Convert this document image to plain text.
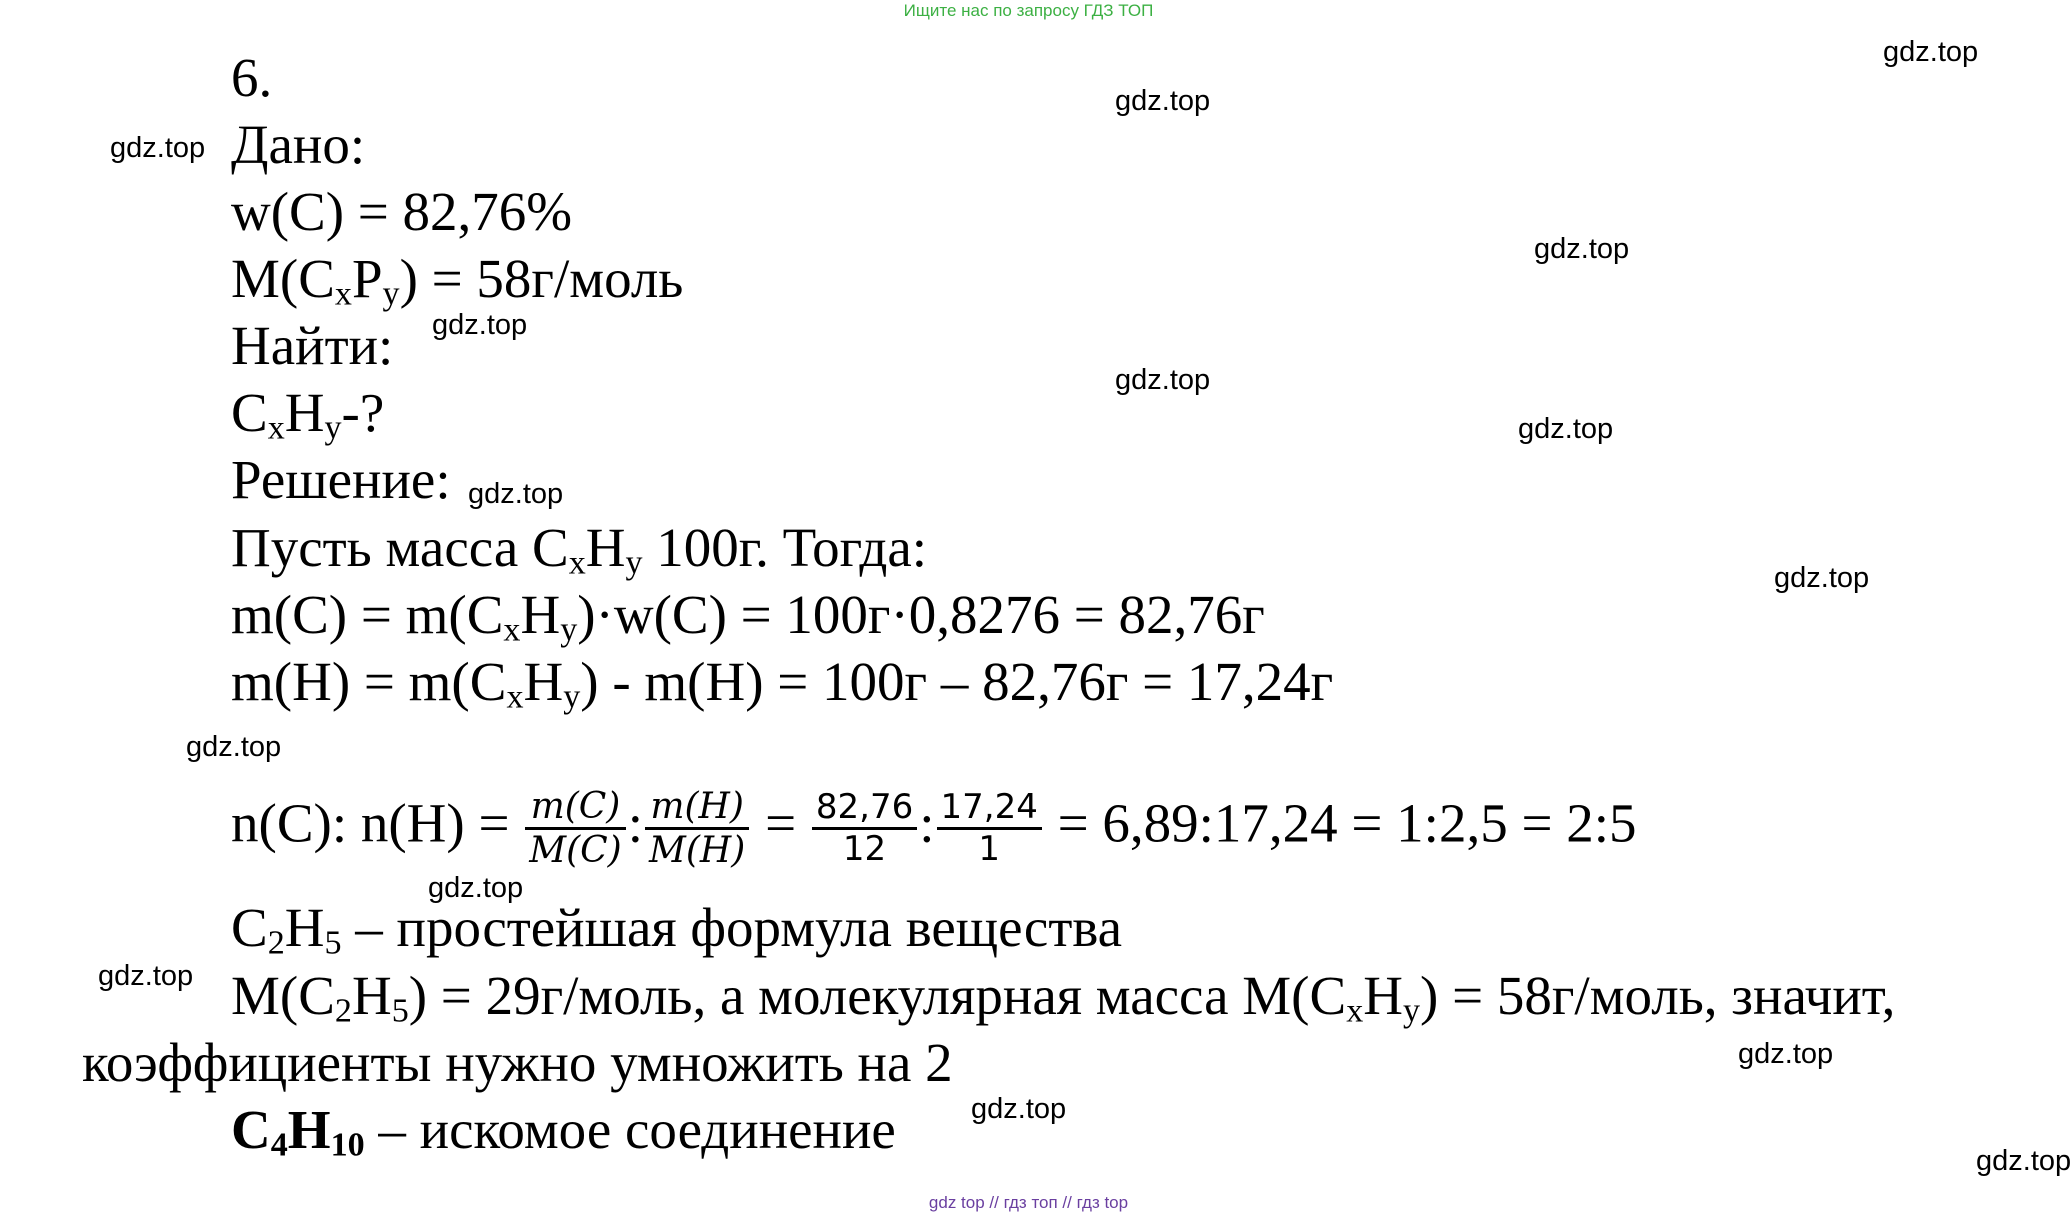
Ищите нас по запросу ГДЗ ТОП
6.
Дано:
w(C) = 82,76%
$M(C_xP_y)$ = 58г/моль
Найти:
$C_xH_y-$?
Решение:
Пусть масса $C_xH_y$ 100г. Тогда:
$m(C) = m(C_xH_y)\cdot w(C) = 100г\cdot 0,8276 = 82,76г$
$m(H) = m(C_xH_y) - m(H) = 100г - 82,76г = 17,24г$
n(C): $n(H) = \frac{m(C)}{M(C)}$ : $\frac{m(H)}{M(H)} = \frac{82,76}{12}$ : $\frac{17,24}{1}$ = 6,89:17,24 = 1:2,5 = 2:5
$C_2H_5$ – простейшая формула вещества
$M(C_2H_5)$ = 29г/моль, а молекулярная масса $M(C_xH_y)$ = 58г/моль, значит,
коэффициенты нужно умножить на 2
$C_4H_{10}$ – искомое соединение
gdz.top
gdz.top
gdz.top
gdz.top
gdz.top
gdz.top
gdz.top
gdz.top
gdz.top
gdz.top
gdz.top
gdz.top
gdz.top
gdz.top
gdz.top
gdz top // гдз топ // гдз top
